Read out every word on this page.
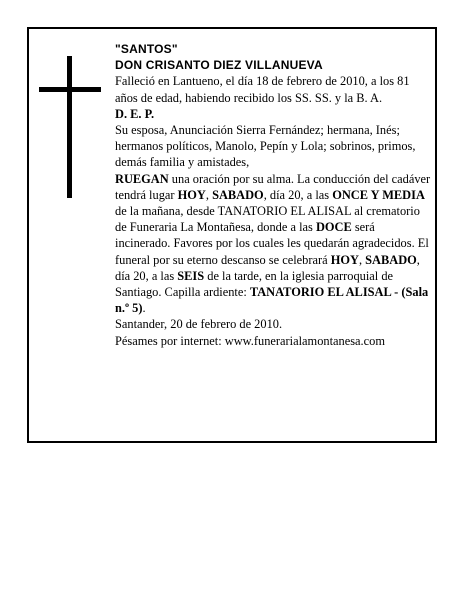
"SANTOS"

DON CRISANTO DIEZ VILLANUEVA

Falleció en Lantueno, el día 18 de febrero de 2010, a los 81 años de edad, habiendo recibido los SS. SS. y la B. A.

D. E. P.

Su esposa, Anunciación Sierra Fernández; hermana, Inés; hermanos políticos, Manolo, Pepín y Lola; sobrinos, primos, demás familia y amistades,
RUEGAN una oración por su alma. La conducción del cadáver tendrá lugar HOY, SABADO, día 20, a las ONCE Y MEDIA de la mañana, desde TANATORIO EL ALISAL al crematorio de Funeraria La Montañesa, donde a las DOCE será incinerado. Favores por los cuales les quedarán agradecidos. El funeral por su eterno descanso se celebrará HOY, SABADO, día 20, a las SEIS de la tarde, en la iglesia parroquial de Santiago. Capilla ardiente: TANATORIO EL ALISAL - (Sala n.º 5).

Santander, 20 de febrero de 2010.

Pésames por internet: www.funerarialamontanesa.com
